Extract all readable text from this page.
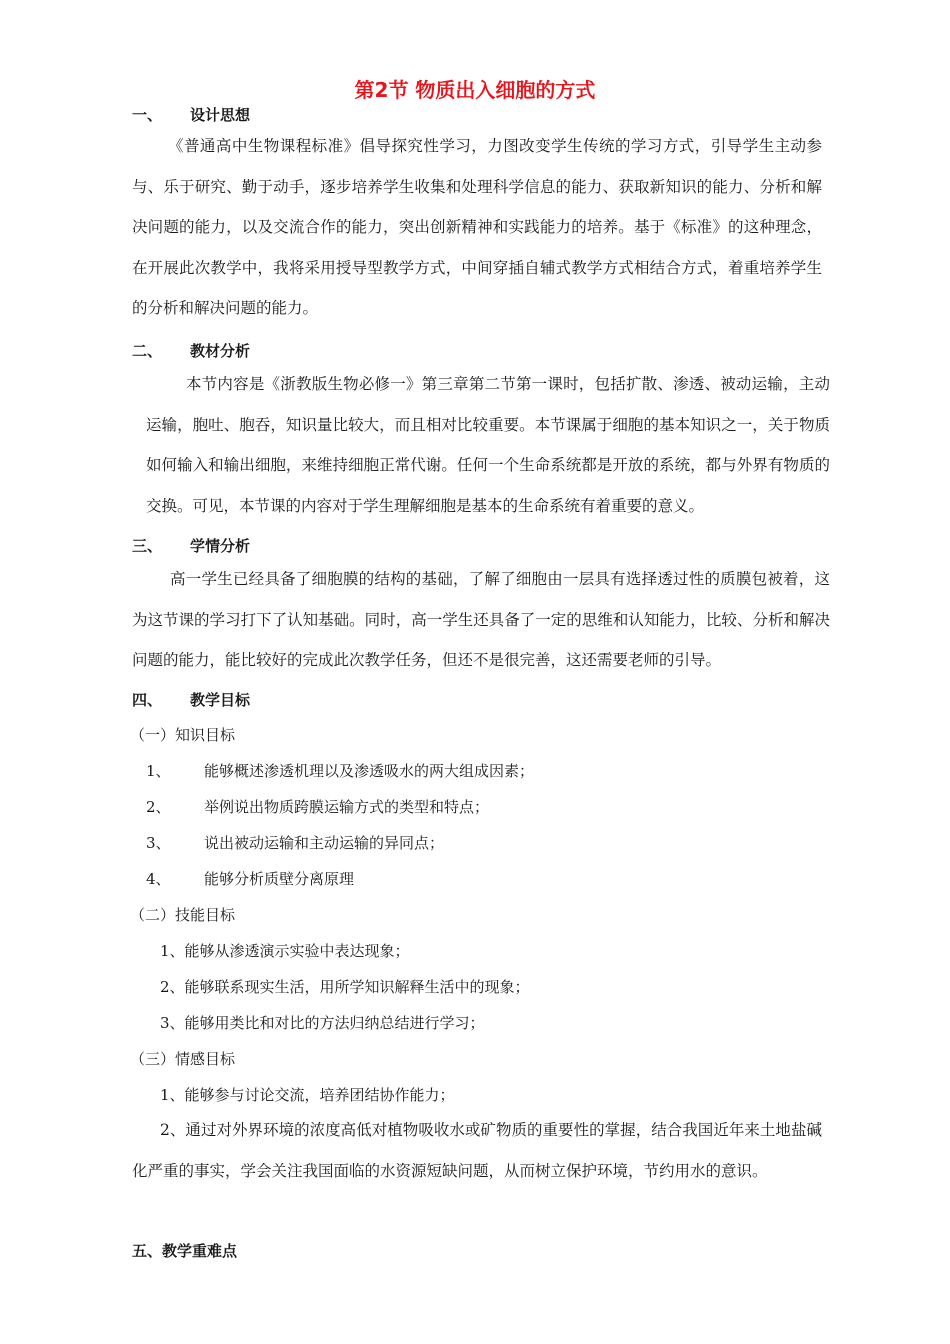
第2节 物质出入细胞的方式
一、 设计思想
《普通高中生物课程标准》倡导探究性学习，力图改变学生传统的学习方式，引导学生主动参与、乐于研究、勤于动手，逐步培养学生收集和处理科学信息的能力、获取新知识的能力、分析和解决问题的能力，以及交流合作的能力，突出创新精神和实践能力的培养。基于《标准》的这种理念，在开展此次教学中，我将采用授导型教学方式，中间穿插自辅式教学方式相结合方式，着重培养学生的分析和解决问题的能力。
二、 教材分析
本节内容是《浙教版生物必修一》第三章第二节第一课时，包括扩散、渗透、被动运输，主动运输，胞吐、胞吞，知识量比较大，而且相对比较重要。本节课属于细胞的基本知识之一，关于物质如何输入和输出细胞，来维持细胞正常代谢。任何一个生命系统都是开放的系统，都与外界有物质的交换。可见，本节课的内容对于学生理解细胞是基本的生命系统有着重要的意义。
三、 学情分析
高一学生已经具备了细胞膜的结构的基础，了解了细胞由一层具有选择透过性的质膜包被着，这为这节课的学习打下了认知基础。同时，高一学生还具备了一定的思维和认知能力，比较、分析和解决问题的能力，能比较好的完成此次教学任务，但还不是很完善，这还需要老师的引导。
四、 教学目标
（一）知识目标
1、 能够概述渗透机理以及渗透吸水的两大组成因素；
2、 举例说出物质跨膜运输方式的类型和特点；
3、 说出被动运输和主动运输的异同点；
4、 能够分析质壁分离原理
（二）技能目标
1、能够从渗透演示实验中表达现象；
2、能够联系现实生活，用所学知识解释生活中的现象；
3、能够用类比和对比的方法归纳总结进行学习；
（三）情感目标
1、能够参与讨论交流，培养团结协作能力；
2、通过对外界环境的浓度高低对植物吸收水或矿物质的重要性的掌握，结合我国近年来土地盐碱化严重的事实，学会关注我国面临的水资源短缺问题，从而树立保护环境，节约用水的意识。
五、教学重难点
